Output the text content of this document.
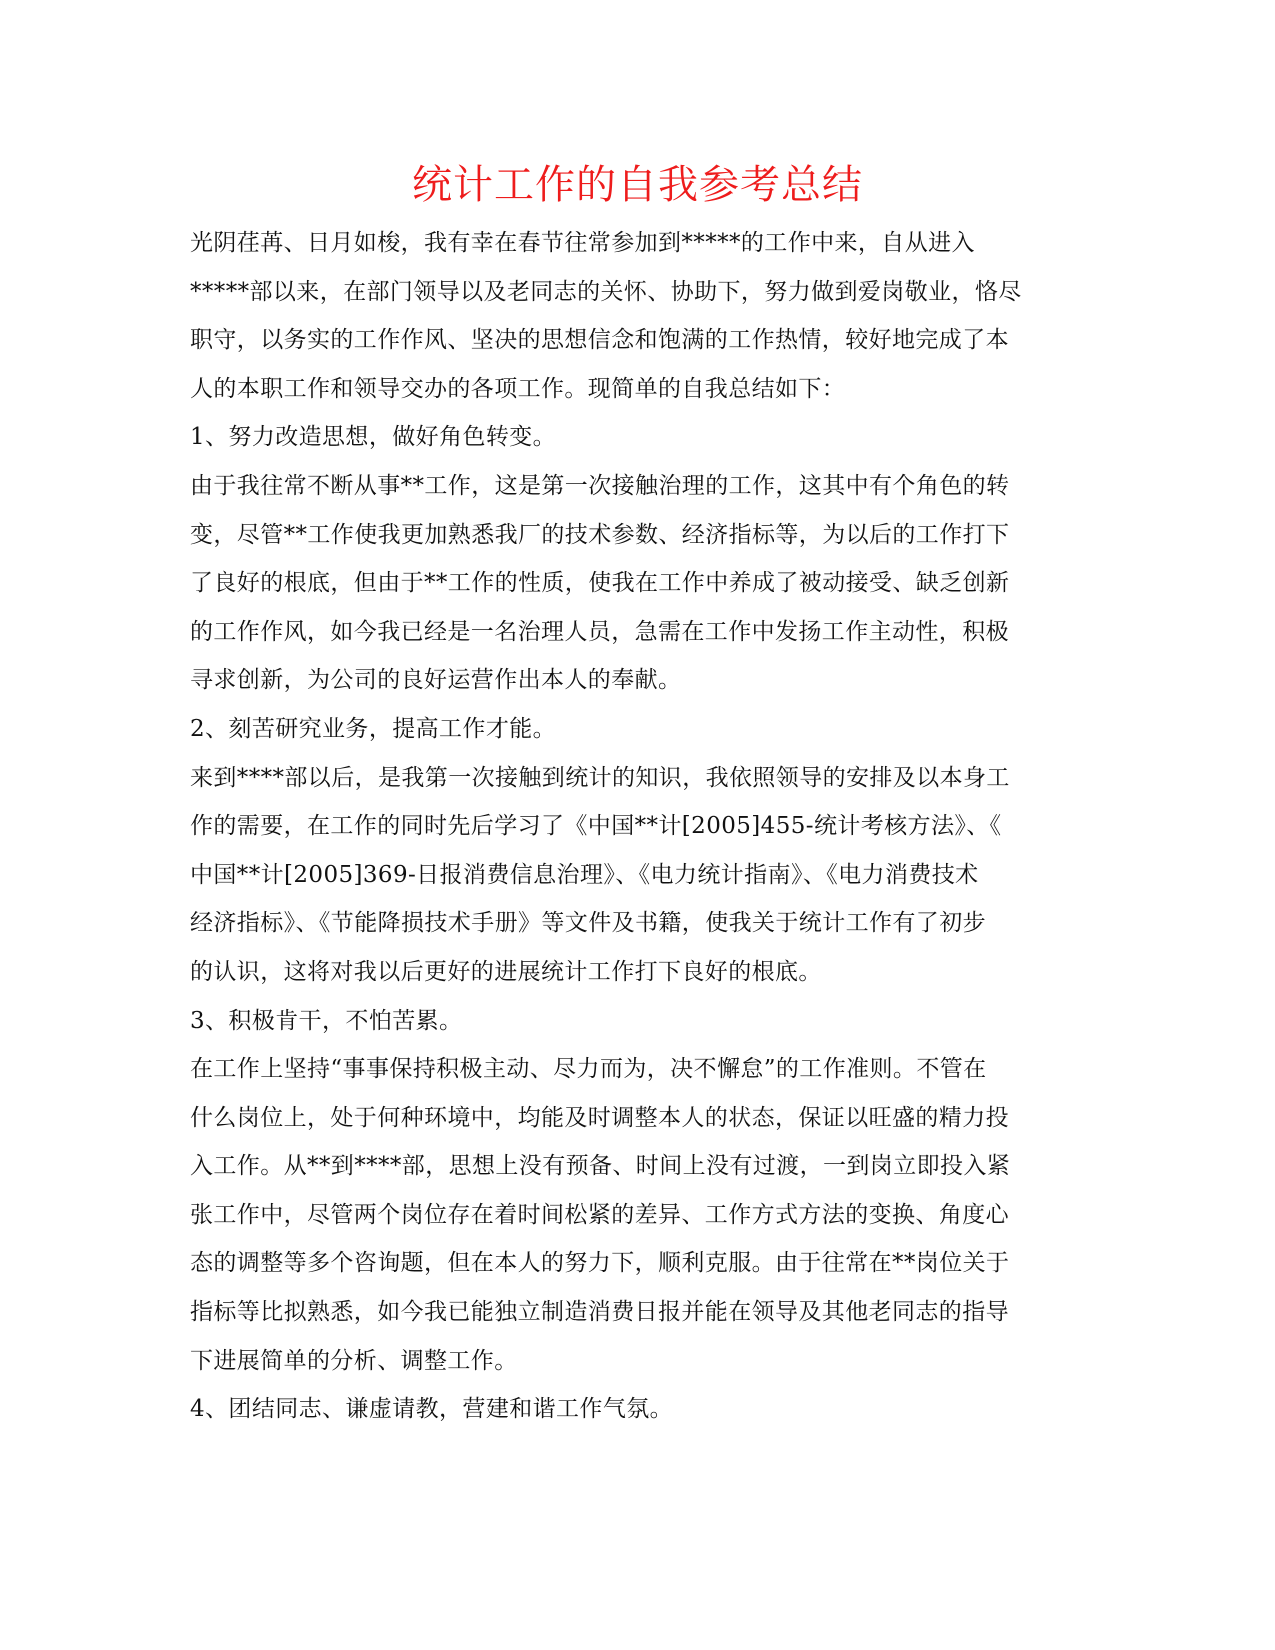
统计工作的自我参考总结
光阴荏苒、日月如梭，我有幸在春节往常参加到*****的工作中来，自从进入
*****部以来，在部门领导以及老同志的关怀、协助下，努力做到爱岗敬业，恪尽
职守，以务实的工作作风、坚决的思想信念和饱满的工作热情，较好地完成了本
人的本职工作和领导交办的各项工作。现简单的自我总结如下：
1、努力改造思想，做好角色转变。
由于我往常不断从事**工作，这是第一次接触治理的工作，这其中有个角色的转
变，尽管**工作使我更加熟悉我厂的技术参数、经济指标等，为以后的工作打下
了良好的根底，但由于**工作的性质，使我在工作中养成了被动接受、缺乏创新
的工作作风，如今我已经是一名治理人员，急需在工作中发扬工作主动性，积极
寻求创新，为公司的良好运营作出本人的奉献。
2、刻苦研究业务，提高工作才能。
来到****部以后，是我第一次接触到统计的知识，我依照领导的安排及以本身工
作的需要，在工作的同时先后学习了《中国**计[2005]455-统计考核方法》、《
中国**计[2005]369-日报消费信息治理》、《电力统计指南》、《电力消费技术
经济指标》、《节能降损技术手册》等文件及书籍，使我关于统计工作有了初步
的认识，这将对我以后更好的进展统计工作打下良好的根底。
3、积极肯干，不怕苦累。
在工作上坚持“事事保持积极主动、尽力而为，决不懈怠”的工作准则。不管在
什么岗位上，处于何种环境中，均能及时调整本人的状态，保证以旺盛的精力投
入工作。从**到****部，思想上没有预备、时间上没有过渡，一到岗立即投入紧
张工作中，尽管两个岗位存在着时间松紧的差异、工作方式方法的变换、角度心
态的调整等多个咨询题，但在本人的努力下，顺利克服。由于往常在**岗位关于
指标等比拟熟悉，如今我已能独立制造消费日报并能在领导及其他老同志的指导
下进展简单的分析、调整工作。
4、团结同志、谦虚请教，营建和谐工作气氛。
